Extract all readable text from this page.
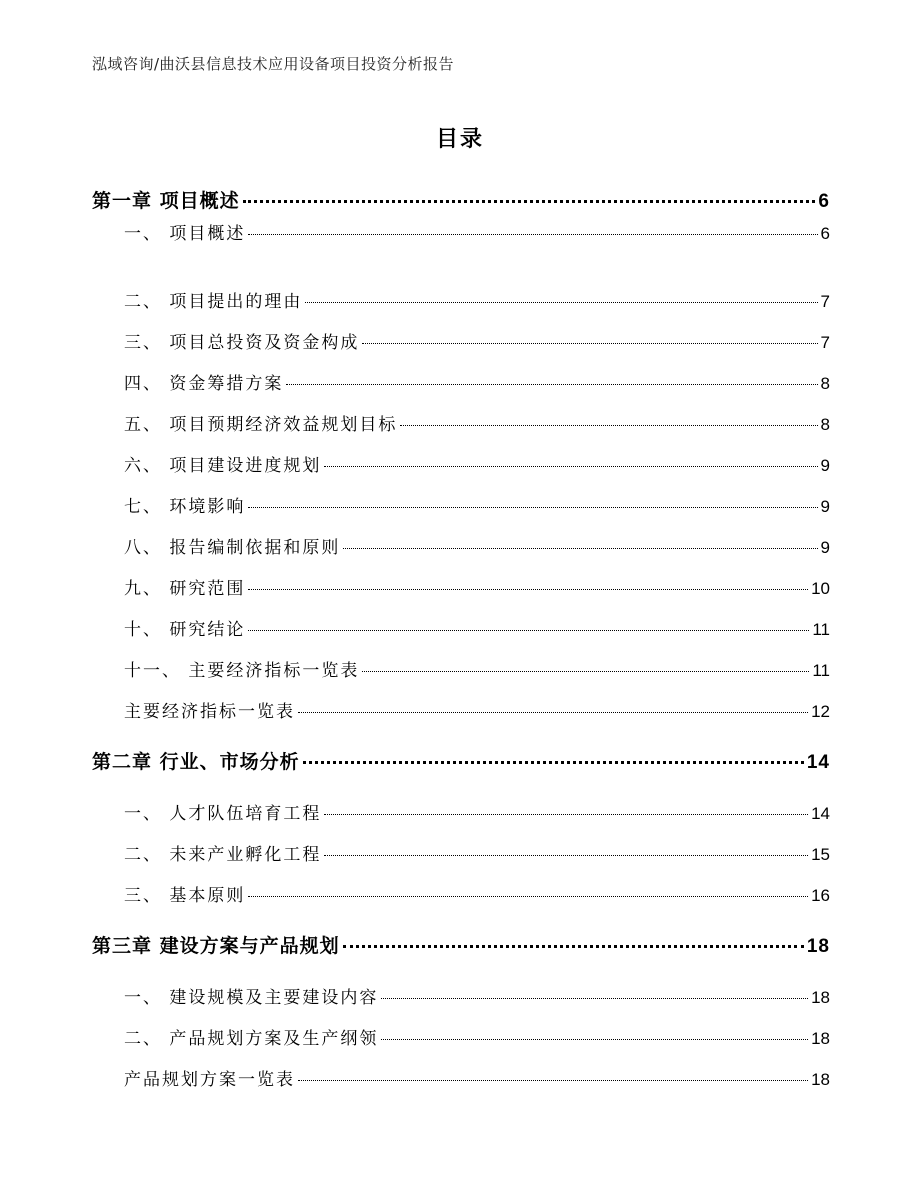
泓域咨询/曲沃县信息技术应用设备项目投资分析报告
目录
第一章 项目概述	6
一、 项目概述	6
二、 项目提出的理由	7
三、 项目总投资及资金构成	7
四、 资金筹措方案	8
五、 项目预期经济效益规划目标	8
六、 项目建设进度规划	9
七、 环境影响	9
八、 报告编制依据和原则	9
九、 研究范围	10
十、 研究结论	11
十一、 主要经济指标一览表	11
主要经济指标一览表	12
第二章 行业、市场分析	14
一、 人才队伍培育工程	14
二、 未来产业孵化工程	15
三、 基本原则	16
第三章 建设方案与产品规划	18
一、 建设规模及主要建设内容	18
二、 产品规划方案及生产纲领	18
产品规划方案一览表	18
